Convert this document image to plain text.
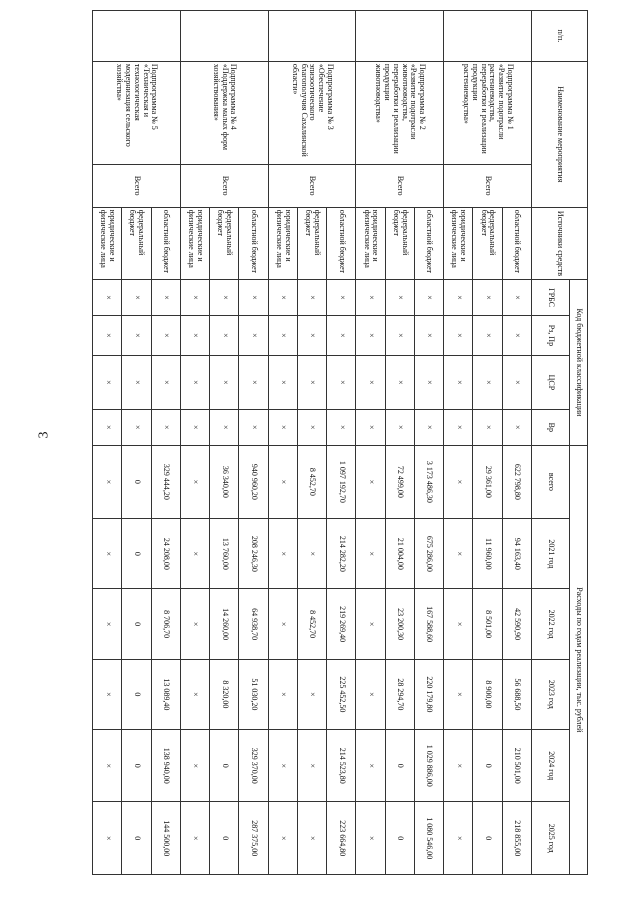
3
п/п.	Наименование мероприятия		Источники средств	Код бюджетной классификации				Расходы по годам реализации, тыс. рублей					
				ГРБС	Рз, Пр	ЦСР	Вр	всего	2021 год	2022 год	2023 год	2024 год	2025 год
	Подпрограмма № 1 «Развитие подотрасли растениеводства, переработки и реализации продукции растениеводства»	Всего	областной бюджет	×	×	×	×	622 798,80	94 163,40	42 590,90	56 688,50	210 501,00	218 855,00
			федеральный бюджет	×	×	×	×	29 361,00	11 960,00	8 501,00	8 900,00	0	0
			юридические и физические лица	×	×	×	×	×	×	×	×	×	×
	Подпрограмма № 2 «Развитие подотрасли животноводства, переработки и реализации продукции животноводства»	Всего	областной бюджет	×	×	×	×	3 173 486,30	675 286,00	167 588,60	220 179,80	1 029 886,00	1 080 546,00
			федеральный бюджет	×	×	×	×	72 499,00	21 004,00	23 200,30	28 294,70	0	0
			юридические и физические лица	×	×	×	×	×	×	×	×	×	×
	Подпрограмма № 3 «Обеспечение эпизоотического благополучия Сахалинской области»	Всего	областной бюджет	×	×	×	×	1 097 192,70	214 282,20	219 269,40	225 452,50	214 523,80	223 664,80
			федеральный бюджет	×	×	×	×	8 452,70	×	8 452,70	×	×	×
			юридические и физические лица	×	×	×	×	×	×	×	×	×	×
	Подпрограмма № 4 «Поддержка малых форм хозяйствования»	Всего	областной бюджет	×	×	×	×	940 960,20	208 246,30	64 938,70	51 030,20	329 370,00	287 375,00
			федеральный бюджет	×	×	×	×	36 340,00	13 760,00	14 260,00	8 320,00	0	0
			юридические и физические лица	×	×	×	×	×	×	×	×	×	×
	Подпрограмма № 5 «Техническая и технологическая модернизация сельского хозяйства»	Всего	областной бюджет	×	×	×	×	329 444,20	24 208,00	8 706,70	13 089,40	138 940,00	144 500,00
			федеральный бюджет	×	×	×	×	0	0	0	0	0	0
			юридические и физические лица	×	×	×	×	×	×	×	×	×	×
